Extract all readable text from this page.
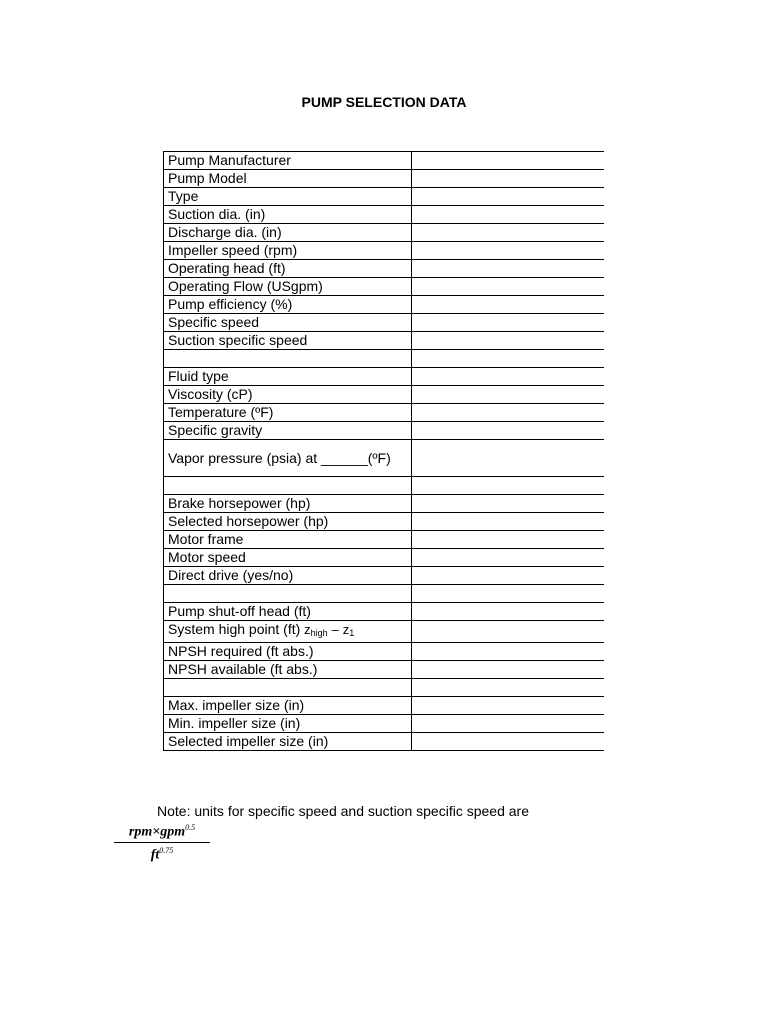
PUMP SELECTION DATA
Pump Manufacturer	
Pump Model	
Type	
Suction dia. (in)	
Discharge dia. (in)	
Impeller speed (rpm)	
Operating head (ft)	
Operating Flow (USgpm)	
Pump efficiency (%)	
Specific speed	
Suction specific speed	

Fluid type	
Viscosity (cP)	
Temperature (ºF)	
Specific gravity	
Vapor pressure (psia) at ______(ºF)	

Brake horsepower (hp)	
Selected horsepower (hp)	
Motor frame	
Motor speed	
Direct drive (yes/no)	

Pump shut-off head (ft)	
System high point (ft) $z_{high} - z_1$	
NPSH required (ft abs.)	
NPSH available (ft abs.)	

Max. impeller size (in)	
Min. impeller size (in)	
Selected impeller size (in)	
Note: units for specific speed and suction specific speed are
rpm×gpm$^{0.5}$
$ft^{0.75}$
